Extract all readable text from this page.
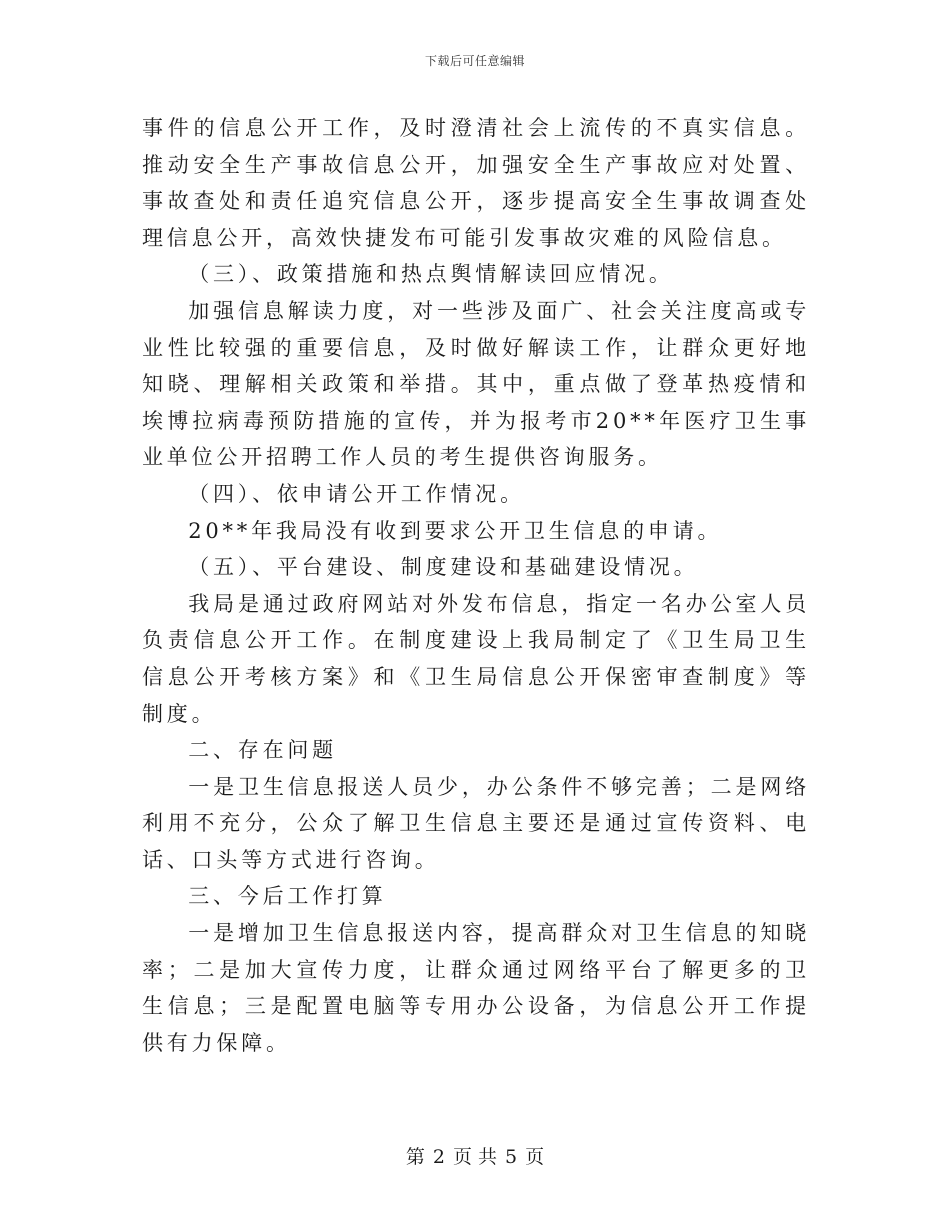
下载后可任意编辑

事件的信息公开工作，及时澄清社会上流传的不真实信息。推动安全生产事故信息公开，加强安全生产事故应对处置、事故查处和责任追究信息公开，逐步提高安全生事故调查处理信息公开，高效快捷发布可能引发事故灾难的风险信息。

（三）、政策措施和热点舆情解读回应情况。

加强信息解读力度，对一些涉及面广、社会关注度高或专业性比较强的重要信息，及时做好解读工作，让群众更好地知晓、理解相关政策和举措。其中，重点做了登革热疫情和埃博拉病毒预防措施的宣传，并为报考市20**年医疗卫生事业单位公开招聘工作人员的考生提供咨询服务。

（四）、依申请公开工作情况。

20**年我局没有收到要求公开卫生信息的申请。

（五）、平台建设、制度建设和基础建设情况。

我局是通过政府网站对外发布信息，指定一名办公室人员负责信息公开工作。在制度建设上我局制定了《卫生局卫生信息公开考核方案》和《卫生局信息公开保密审查制度》等制度。

二、存在问题

一是卫生信息报送人员少，办公条件不够完善；二是网络利用不充分，公众了解卫生信息主要还是通过宣传资料、电话、口头等方式进行咨询。

三、今后工作打算

一是增加卫生信息报送内容，提高群众对卫生信息的知晓率；二是加大宣传力度，让群众通过网络平台了解更多的卫生信息；三是配置电脑等专用办公设备，为信息公开工作提供有力保障。

第 2 页 共 5 页
